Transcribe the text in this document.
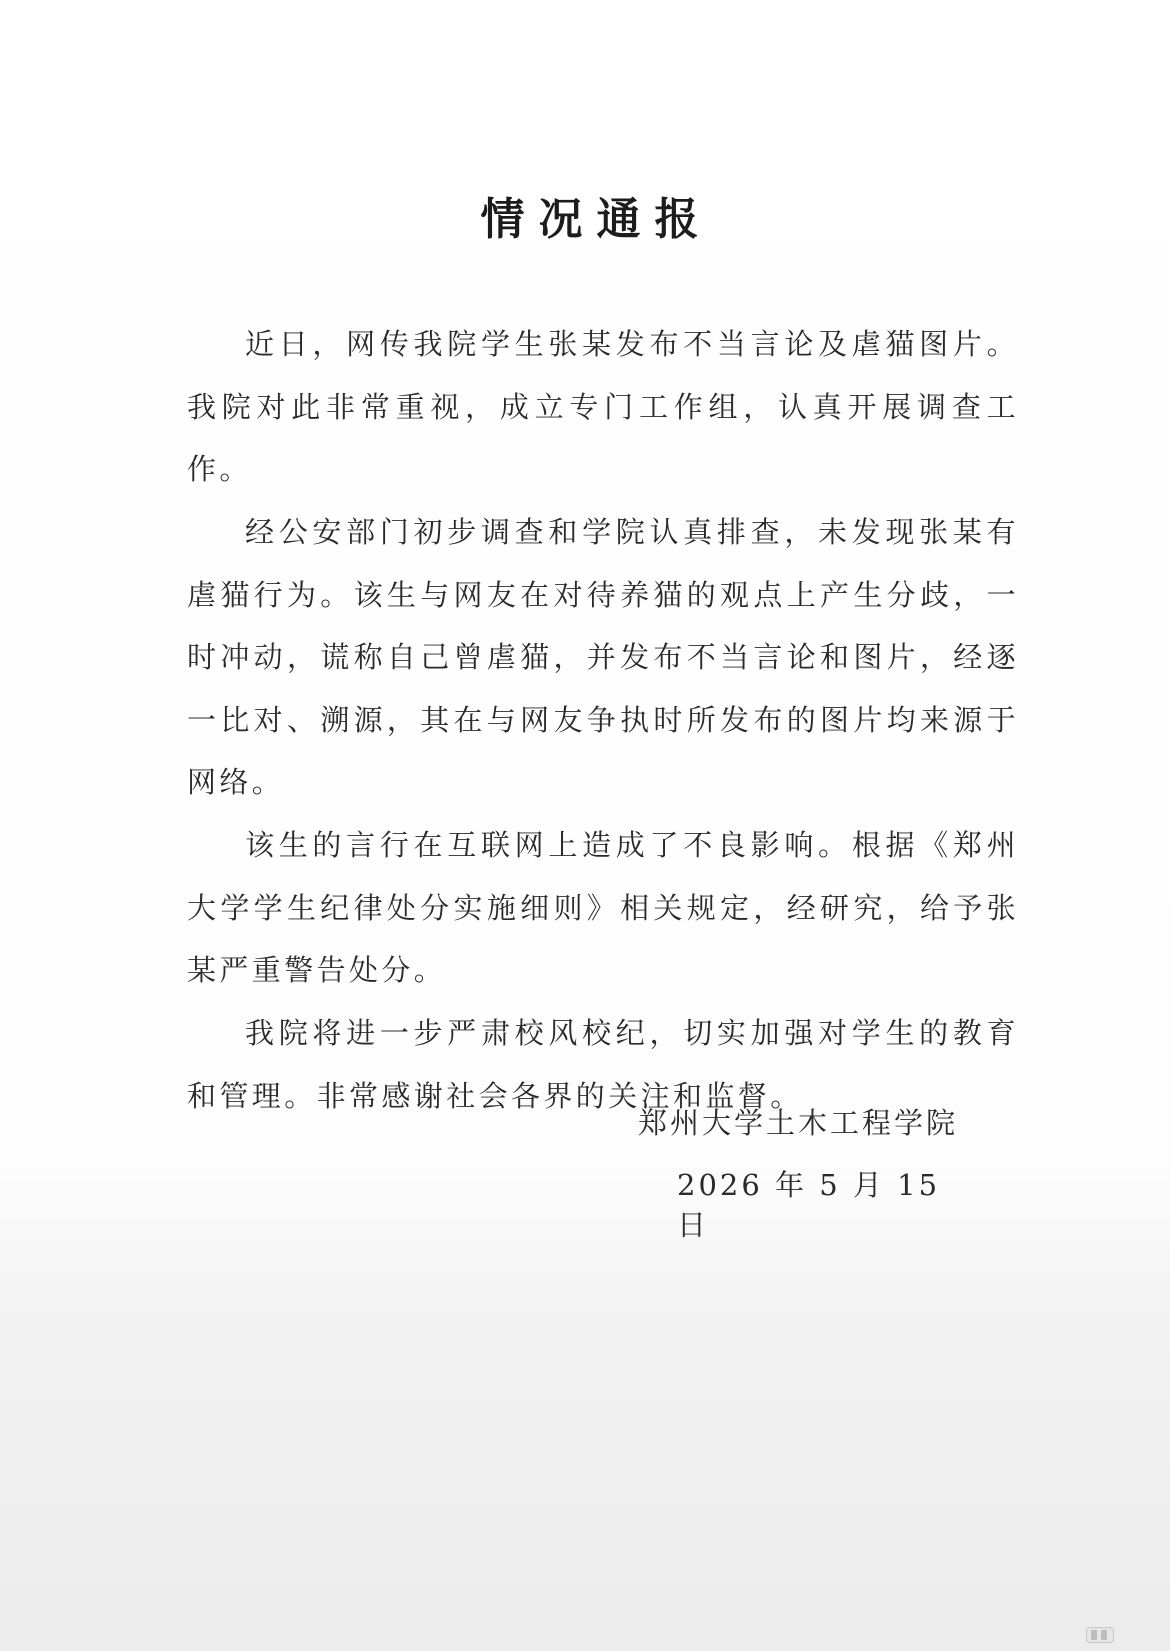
情况通报

近日，网传我院学生张某发布不当言论及虐猫图片。我院对此非常重视，成立专门工作组，认真开展调查工作。

经公安部门初步调查和学院认真排查，未发现张某有虐猫行为。该生与网友在对待养猫的观点上产生分歧，一时冲动，谎称自己曾虐猫，并发布不当言论和图片，经逐一比对、溯源，其在与网友争执时所发布的图片均来源于网络。

该生的言行在互联网上造成了不良影响。根据《郑州大学学生纪律处分实施细则》相关规定，经研究，给予张某严重警告处分。

我院将进一步严肃校风校纪，切实加强对学生的教育和管理。非常感谢社会各界的关注和监督。

郑州大学土木工程学院
2026 年 5 月 15 日
